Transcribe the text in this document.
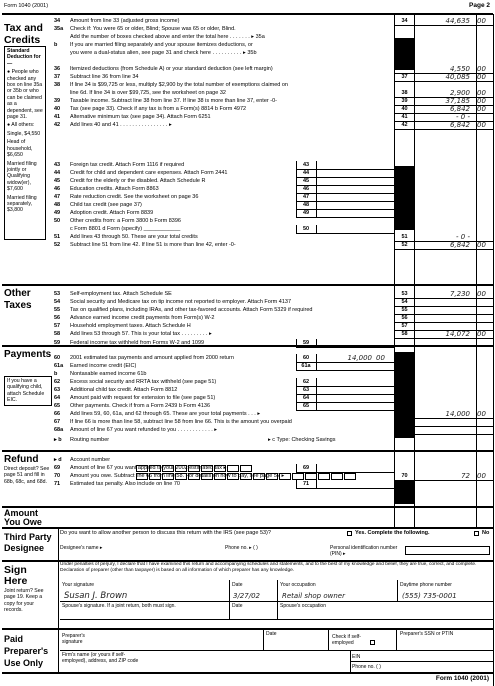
Form 1040 (2001)	Page 2
Tax and Credits
Other Taxes
Payments
Refund
Amount You Owe
Third Party Designee
Sign Here
Paid Preparer's Use Only
Standard Deduction for—
● People who checked any box on line 35a or 35b or who can be claimed as a dependent, see page 31.
● All others:
Single, $4,550
Head of household, $6,650
Married filing jointly or Qualifying widow(er), $7,600
Married filing separately, $3,800
If you have a qualifying child, attach Schedule EIC.
Direct deposit? See page 51 and fill in 68b, 68c, and 68d.
Joint return? See page 19. Keep a copy for your records.
34 Amount from line 33 (adjusted gross income)	34	44,635 00
35a Check if: You were 65 or older, Blind; Spouse was 65 or older, Blind.
Add the number of boxes checked above and enter the total here . . . . . . . ▸ 35a
b If you are married filing separately and your spouse itemizes deductions, or
you were a dual-status alien, see page 31 and check here . . . . . . . . . . ▸ 35b
36 Itemized deductions (from Schedule A) or your standard deduction (see left margin)	4,550 00
37 Subtract line 36 from line 34	37	40,085 00
38 If line 34 is $99,725 or less, multiply $2,900 by the total number of exemptions claimed on
line 6d. If line 34 is over $99,725, see the worksheet on page 32	38	2,900 00
39 Taxable income. Subtract line 38 from line 37. If line 38 is more than line 37, enter -0-	39	37,185 00
40 Tax (see page 33). Check if any tax is from a Form(s) 8814 b Form 4972	40	6,842 00
41 Alternative minimum tax (see page 34). Attach Form 6251	41	- 0 -
42 Add lines 40 and 41 . . . . . . . . . . . . . . . . ▸	42	6,842 00
43 Foreign tax credit. Attach Form 1116 if required	43
44 Credit for child and dependent care expenses. Attach Form 2441	44
45 Credit for the elderly or the disabled. Attach Schedule R	45
46 Education credits. Attach Form 8863	46
47 Rate reduction credit. See the worksheet on page 36	47
48 Child tax credit (see page 37)	48
49 Adoption credit. Attach Form 8839	49
50 Other credits from: a Form 3800 b Form 8396
c Form 8801 d Form (specify) ____________	50
51 Add lines 43 through 50. These are your total credits	51	- 0 -
52 Subtract line 51 from line 42. If line 51 is more than line 42, enter -0-	52	6,842 00
53 Self-employment tax. Attach Schedule SE	53	7,230 00
54 Social security and Medicare tax on tip income not reported to employer. Attach Form 4137	54
55 Tax on qualified plans, including IRAs, and other tax-favored accounts. Attach Form 5329 if required	55
56 Advance earned income credit payments from Form(s) W-2	56
57 Household employment taxes. Attach Schedule H	57
58 Add lines 53 through 57. This is your total tax . . . . . . . . . ▸	58	14,072 00
59 Federal income tax withheld from Forms W-2 and 1099	59
60 2001 estimated tax payments and amount applied from 2000 return	60	14,000 00
61a Earned income credit (EIC)	61a
b Nontaxable earned income 61b
62 Excess social security and RRTA tax withheld (see page 51)	62
63 Additional child tax credit. Attach Form 8812	63
64 Amount paid with request for extension to file (see page 51)	64
65 Other payments. Check if from a Form 2439 b Form 4136	65
66 Add lines 59, 60, 61a, and 62 through 65. These are your total payments . . . ▸	14,000 00
67 If line 66 is more than line 58, subtract line 58 from line 66. This is the amount you overpaid
68a Amount of line 67 you want refunded to you . . . . . . . . . . . . ▸
▸ b Routing number	▸ c Type: Checking Savings
▸ d Account number
69 Amount of line 67 you want applied to your 2002 estimated tax ▸	69
70 Amount you owe. Subtract line 66 from line 58. For details on how to pay, see page 52 ▸	70	72 00
71 Estimated tax penalty. Also include on line 70	71
Do you want to allow another person to discuss this return with the IRS (see page 53)?	Yes. Complete the following.	No
Designee's name ▸	Phone no. ▸ ( )	Personal identification number (PIN) ▸
Under penalties of perjury, I declare that I have examined this return and accompanying schedules and statements, and to the best of my knowledge and belief, they are true, correct, and complete. Declaration of preparer (other than taxpayer) is based on all information of which preparer has any knowledge.
Your signature	Date	Your occupation	Daytime phone number
Susan J. Brown	3/27/02	Retail shop owner	(555) 735-0001
Spouse's signature. If a joint return, both must sign.	Date	Spouse's occupation
Preparer's signature
Date	Check if self-employed
Preparer's SSN or PTIN
Firm's name (or yours if self-employed), address, and ZIP code
EIN
Phone no. ( )
Form 1040 (2001)
